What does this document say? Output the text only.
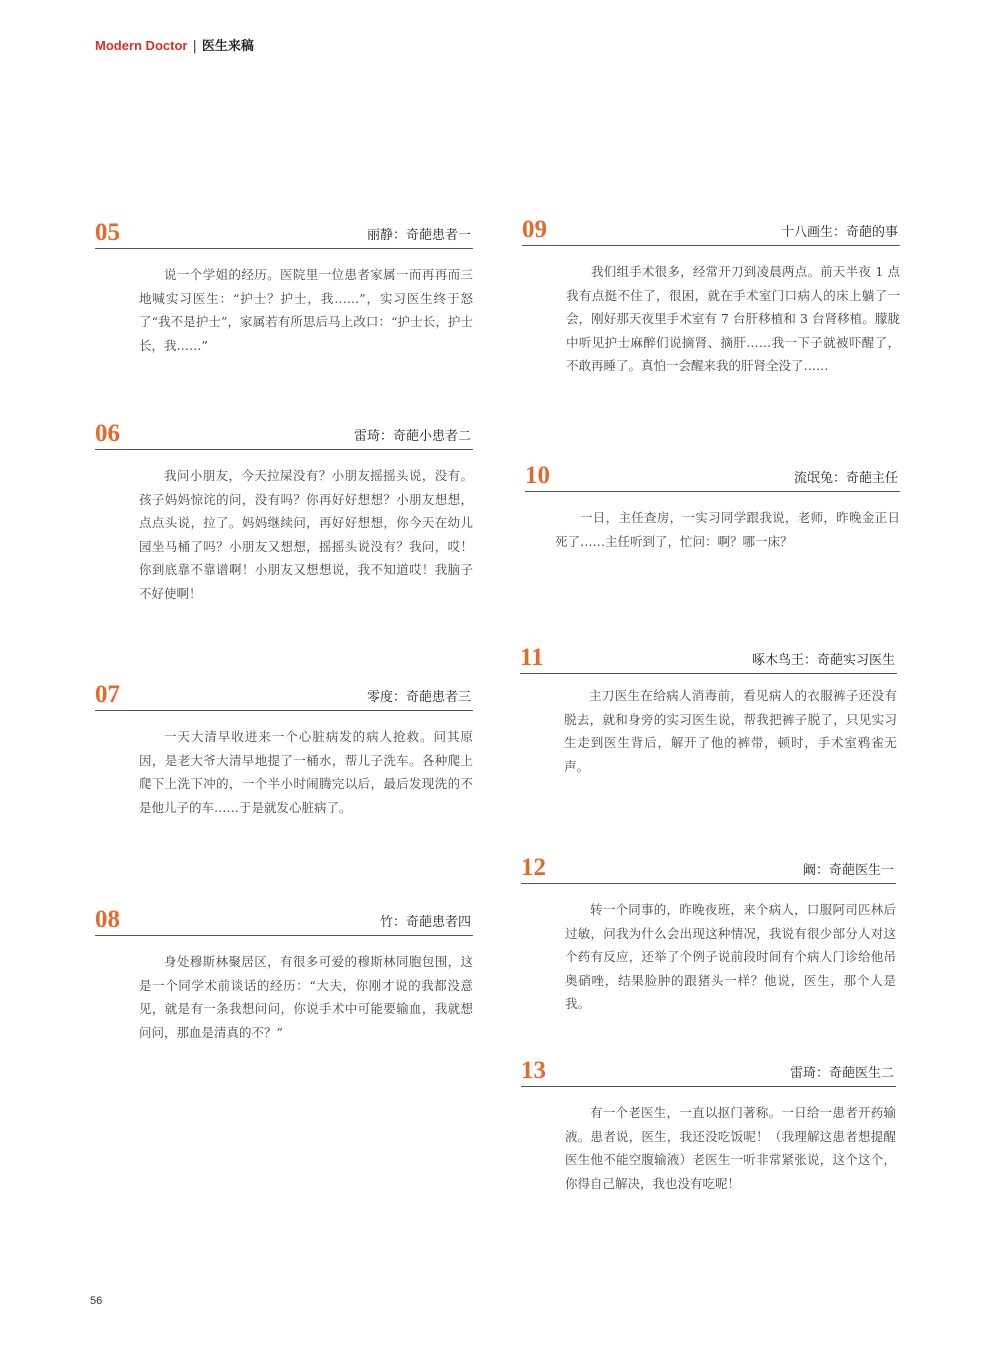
Modern Doctor | 医生来稿
05	丽静：奇葩患者一
说一个学姐的经历。医院里一位患者家属一而再再而三地喊实习医生：“护士？护士，我……”，实习医生终于怒了“我不是护士”，家属若有所思后马上改口：“护士长，护士长，我……”
06	雷琦：奇葩小患者二
我问小朋友，今天拉屎没有？小朋友摇摇头说，没有。孩子妈妈惊诧的问，没有吗？你再好好想想？小朋友想想，点点头说，拉了。妈妈继续问，再好好想想，你今天在幼儿园坐马桶了吗？小朋友又想想，摇摇头说没有？我问，哎！你到底靠不靠谱啊！小朋友又想想说，我不知道哎！我脑子不好使啊！
07	零度：奇葩患者三
一天大清早收进来一个心脏病发的病人抢救。问其原因，是老大爷大清早地提了一桶水，帮儿子洗车。各种爬上爬下上洗下冲的，一个半小时闹腾完以后，最后发现洗的不是他儿子的车……于是就发心脏病了。
08	竹：奇葩患者四
身处穆斯林聚居区，有很多可爱的穆斯林同胞包围，这是一个同学术前谈话的经历：“大夫，你刚才说的我都没意见，就是有一条我想问问，你说手术中可能要输血，我就想问问，那血是清真的不？”
09	十八画生：奇葩的事
我们组手术很多，经常开刀到凌晨两点。前天半夜 1 点我有点挺不住了，很困，就在手术室门口病人的床上躺了一会，刚好那天夜里手术室有 7 台肝移植和 3 台肾移植。朦胧中听见护士麻醉们说摘肾、摘肝……我一下子就被吓醒了，不敢再睡了。真怕一会醒来我的肝肾全没了……
10	流氓兔：奇葩主任
一日，主任查房，一实习同学跟我说，老师，昨晚金正日死了……主任听到了，忙问：啊？哪一床？
11	啄木鸟王：奇葩实习医生
主刀医生在给病人消毒前，看见病人的衣服裤子还没有脱去，就和身旁的实习医生说，帮我把裤子脱了，只见实习生走到医生背后，解开了他的裤带，顿时，手术室鸦雀无声。
12	阚：奇葩医生一
转一个同事的，昨晚夜班，来个病人，口服阿司匹林后过敏，问我为什么会出现这种情况，我说有很少部分人对这个药有反应，还举了个例子说前段时间有个病人门诊给他吊奥硝唑，结果脸肿的跟猪头一样？他说，医生，那个人是我。
13	雷琦：奇葩医生二
有一个老医生，一直以抠门著称。一日给一患者开药输液。患者说，医生，我还没吃饭呢！（我理解这患者想提醒医生他不能空腹输液）老医生一听非常紧张说，这个这个，你得自己解决，我也没有吃呢！
56
